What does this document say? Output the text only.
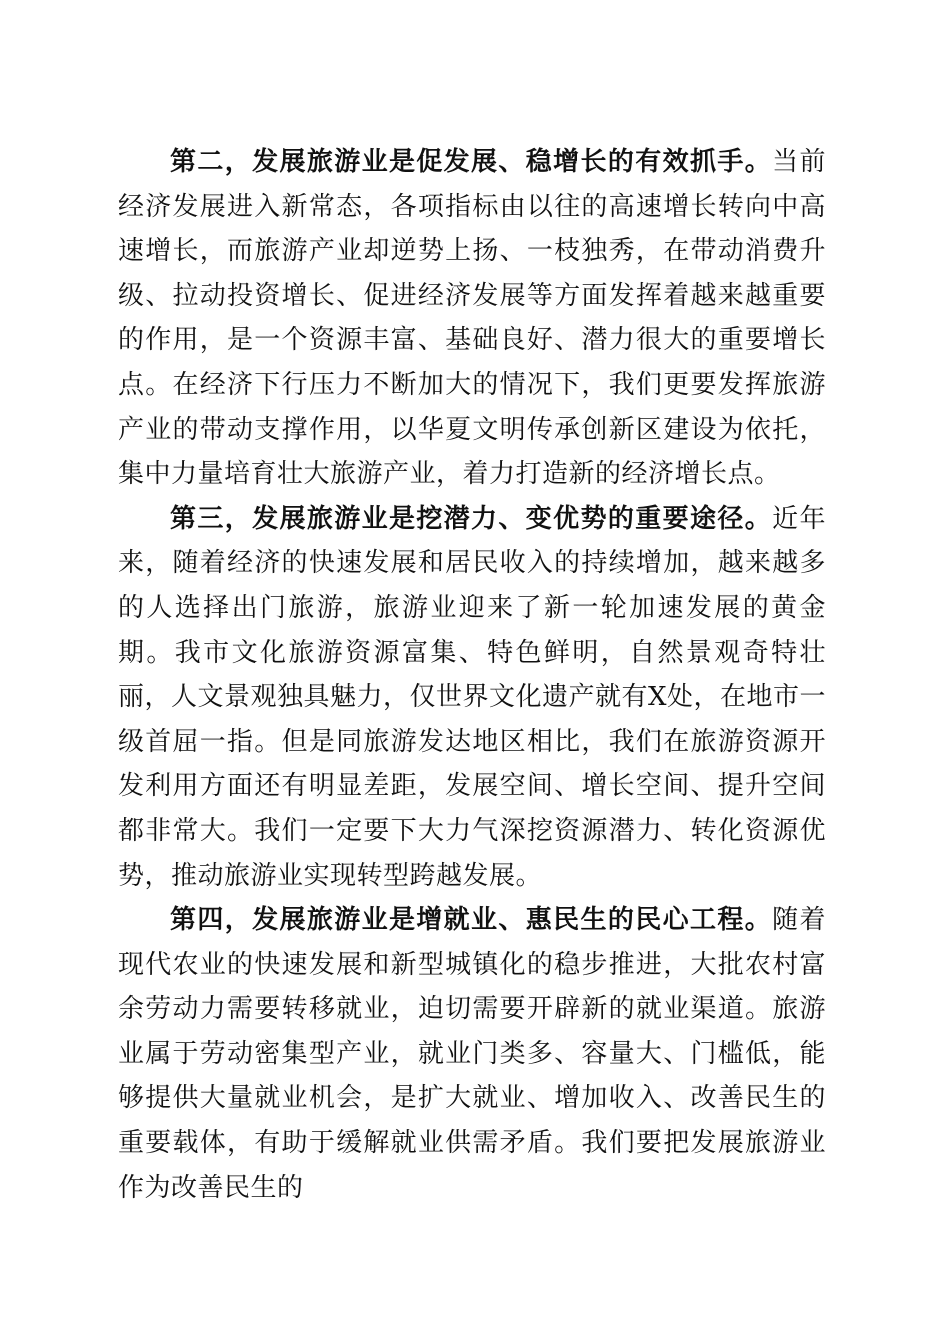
第二，发展旅游业是促发展、稳增长的有效抓手。当前经济发展进入新常态，各项指标由以往的高速增长转向中高速增长，而旅游产业却逆势上扬、一枝独秀，在带动消费升级、拉动投资增长、促进经济发展等方面发挥着越来越重要的作用，是一个资源丰富、基础良好、潜力很大的重要增长点。在经济下行压力不断加大的情况下，我们更要发挥旅游产业的带动支撑作用，以华夏文明传承创新区建设为依托，集中力量培育壮大旅游产业，着力打造新的经济增长点。

第三，发展旅游业是挖潜力、变优势的重要途径。近年来，随着经济的快速发展和居民收入的持续增加，越来越多的人选择出门旅游，旅游业迎来了新一轮加速发展的黄金期。我市文化旅游资源富集、特色鲜明，自然景观奇特壮丽，人文景观独具魅力，仅世界文化遗产就有X处，在地市一级首屈一指。但是同旅游发达地区相比，我们在旅游资源开发利用方面还有明显差距，发展空间、增长空间、提升空间都非常大。我们一定要下大力气深挖资源潜力、转化资源优势，推动旅游业实现转型跨越发展。

第四，发展旅游业是增就业、惠民生的民心工程。随着现代农业的快速发展和新型城镇化的稳步推进，大批农村富余劳动力需要转移就业，迫切需要开辟新的就业渠道。旅游业属于劳动密集型产业，就业门类多、容量大、门槛低，能够提供大量就业机会，是扩大就业、增加收入、改善民生的重要载体，有助于缓解就业供需矛盾。我们要把发展旅游业作为改善民生的
